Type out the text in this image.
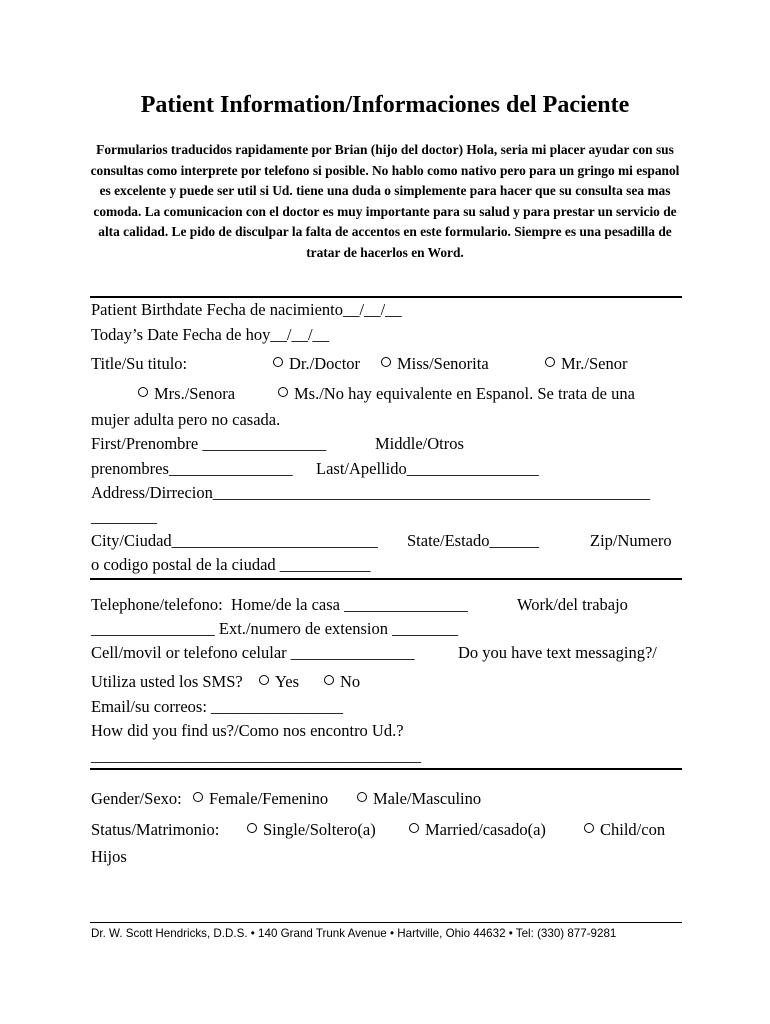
Patient Information/Informaciones del Paciente
Formularios traducidos rapidamente por Brian (hijo del doctor) Hola, seria mi placer ayudar con sus consultas como interprete por telefono si posible. No hablo como nativo pero para un gringo mi espanol es excelente y puede ser util si Ud. tiene una duda o simplemente para hacer que su consulta sea mas comoda. La comunicacion con el doctor es muy importante para su salud y para prestar un servicio de alta calidad. Le pido de disculpar la falta de accentos en este formulario. Siempre es una pesadilla de tratar de hacerlos en Word.
Patient Birthdate Fecha de nacimiento__/__/__
Today’s Date Fecha de hoy__/__/__
Title/Su titulo:	Dr./Doctor	Miss/Senorita	Mr./Senor
Mrs./Senora	Ms./No hay equivalente en Espanol. Se trata de una
mujer adulta pero no casada.
First/Prenombre _______________	Middle/Otros
prenombres_______________ Last/Apellido________________
Address/Dirrecion_____________________________________________________
________
City/Ciudad_________________________ State/Estado______	Zip/Numero
o codigo postal de la ciudad ___________
Telephone/telefono:  Home/de la casa _______________	Work/del trabajo
_______________ Ext./numero de extension ________
Cell/movil or telefono celular _______________	Do you have text messaging?/
Utiliza usted los SMS?	Yes	No
Email/su correos: ________________
How did you find us?/Como nos encontro Ud.?
________________________________________
Gender/Sexo:	Female/Femenino	Male/Masculino
Status/Matrimonio:	Single/Soltero(a)	Married/casado(a)	Child/con
Hijos
Dr. W. Scott Hendricks, D.D.S. • 140 Grand Trunk Avenue • Hartville, Ohio 44632 • Tel: (330) 877-9281
